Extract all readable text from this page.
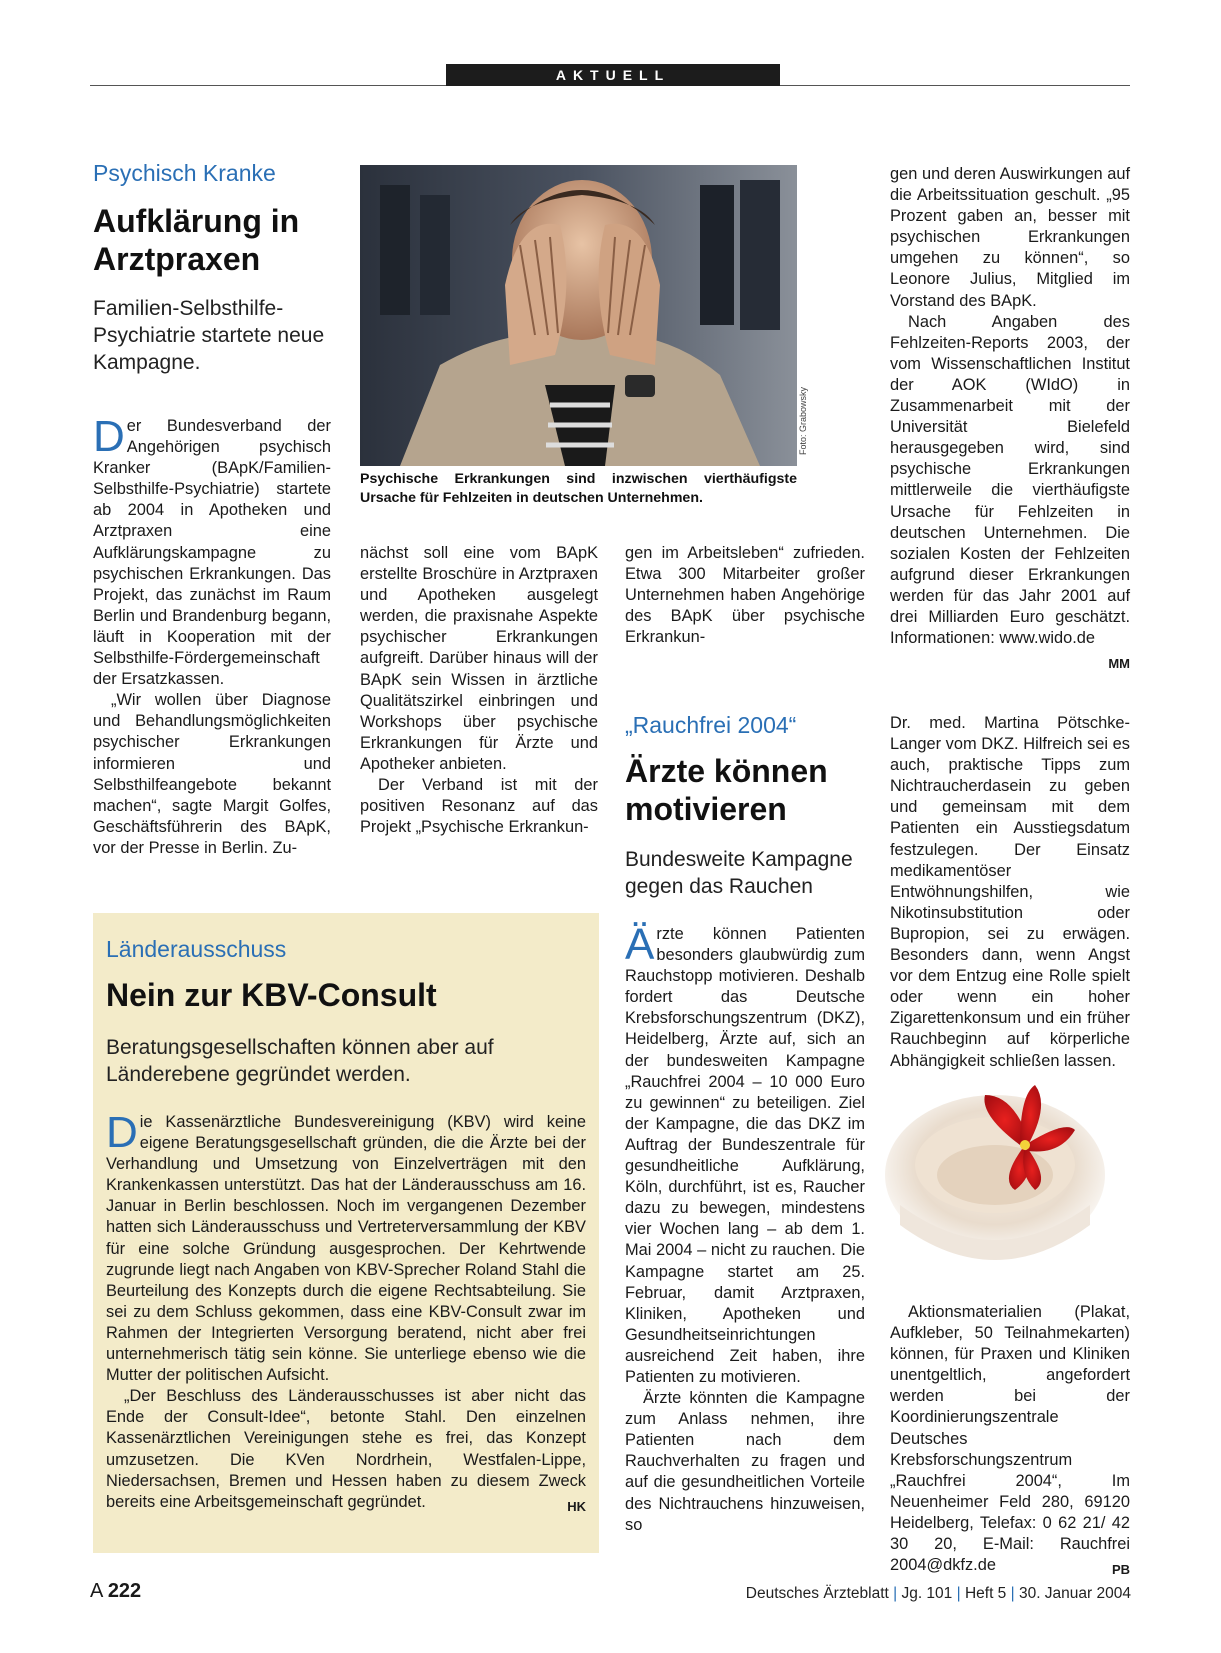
AKTUELL
Psychisch Kranke
Aufklärung in
Arztpraxen
Familien-Selbsthilfe-Psychiatrie startete neue Kampagne.

Der Bundesverband der Angehörigen psychisch Kranker (BApK/Familien-Selbsthilfe-Psychiatrie) startete ab 2004 in Apotheken und Arztpraxen eine Aufklärungskampagne zu psychischen Erkrankungen. Das Projekt, das zunächst im Raum Berlin und Brandenburg begann, läuft in Kooperation mit der Selbsthilfe-Fördergemeinschaft der Ersatzkassen.

„Wir wollen über Diagnose und Behandlungsmöglichkeiten psychischer Erkrankungen informieren und Selbsthilfeangebote bekannt machen“, sagte Margit Golfes, Geschäftsführerin des BApK, vor der Presse in Berlin. Zu-

Foto: Grabowsky
Psychische Erkrankungen sind inzwischen vierthäufigste Ursache für Fehlzeiten in deutschen Unternehmen.

nächst soll eine vom BApK erstellte Broschüre in Arztpraxen und Apotheken ausgelegt werden, die praxisnahe Aspekte psychischer Erkrankungen aufgreift. Darüber hinaus will der BApK sein Wissen in ärztliche Qualitätszirkel einbringen und Workshops über psychische Erkrankungen für Ärzte und Apotheker anbieten.

Der Verband ist mit der positiven Resonanz auf das Projekt „Psychische Erkrankun-

gen im Arbeitsleben“ zufrieden. Etwa 300 Mitarbeiter großer Unternehmen haben Angehörige des BApK über psychische Erkrankun-

gen und deren Auswirkungen auf die Arbeitssituation geschult. „95 Prozent gaben an, besser mit psychischen Erkrankungen umgehen zu können“, so Leonore Julius, Mitglied im Vorstand des BApK.

Nach Angaben des Fehlzeiten-Reports 2003, der vom Wissenschaftlichen Institut der AOK (WIdO) in Zusammenarbeit mit der Universität Bielefeld herausgegeben wird, sind psychische Erkrankungen mittlerweile die vierthäufigste Ursache für Fehlzeiten in deutschen Unternehmen. Die sozialen Kosten der Fehlzeiten aufgrund dieser Erkrankungen werden für das Jahr 2001 auf drei Milliarden Euro geschätzt. Informationen: www.wido.de
MM

Länderausschuss
Nein zur KBV-Consult
Beratungsgesellschaften können aber auf Länderebene gegründet werden.

Die Kassenärztliche Bundesvereinigung (KBV) wird keine eigene Beratungsgesellschaft gründen, die die Ärzte bei der Verhandlung und Umsetzung von Einzelverträgen mit den Krankenkassen unterstützt. Das hat der Länderausschuss am 16. Januar in Berlin beschlossen. Noch im vergangenen Dezember hatten sich Länderausschuss und Vertreterversammlung der KBV für eine solche Gründung ausgesprochen. Der Kehrtwende zugrunde liegt nach Angaben von KBV-Sprecher Roland Stahl die Beurteilung des Konzepts durch die eigene Rechtsabteilung. Sie sei zu dem Schluss gekommen, dass eine KBV-Consult zwar im Rahmen der Integrierten Versorgung beratend, nicht aber frei unternehmerisch tätig sein könne. Sie unterliege ebenso wie die Mutter der politischen Aufsicht.

„Der Beschluss des Länderausschusses ist aber nicht das Ende der Consult-Idee“, betonte Stahl. Den einzelnen Kassenärztlichen Vereinigungen stehe es frei, das Konzept umzusetzen. Die KVen Nordrhein, Westfalen-Lippe, Niedersachsen, Bremen und Hessen haben zu diesem Zweck bereits eine Arbeitsgemeinschaft gegründet.	HK

„Rauchfrei 2004“
Ärzte können
motivieren
Bundesweite Kampagne gegen das Rauchen

Ärzte können Patienten besonders glaubwürdig zum Rauchstopp motivieren. Deshalb fordert das Deutsche Krebsforschungszentrum (DKZ), Heidelberg, Ärzte auf, sich an der bundesweiten Kampagne „Rauchfrei 2004 – 10 000 Euro zu gewinnen“ zu beteiligen. Ziel der Kampagne, die das DKZ im Auftrag der Bundeszentrale für gesundheitliche Aufklärung, Köln, durchführt, ist es, Raucher dazu zu bewegen, mindestens vier Wochen lang – ab dem 1. Mai 2004 – nicht zu rauchen. Die Kampagne startet am 25. Februar, damit Arztpraxen, Kliniken, Apotheken und Gesundheitseinrichtungen ausreichend Zeit haben, ihre Patienten zu motivieren.

Ärzte könnten die Kampagne zum Anlass nehmen, ihre Patienten nach dem Rauchverhalten zu fragen und auf die gesundheitlichen Vorteile des Nichtrauchens hinzuweisen, so

Dr. med. Martina Pötschke-Langer vom DKZ. Hilfreich sei es auch, praktische Tipps zum Nichtraucherdasein zu geben und gemeinsam mit dem Patienten ein Ausstiegsdatum festzulegen. Der Einsatz medikamentöser Entwöhnungshilfen, wie Nikotinsubstitution oder Bupropion, sei zu erwägen. Besonders dann, wenn Angst vor dem Entzug eine Rolle spielt oder wenn ein hoher Zigarettenkonsum und ein früher Rauchbeginn auf körperliche Abhängigkeit schließen lassen.

Aktionsmaterialien (Plakat, Aufkleber, 50 Teilnahmekarten) können, für Praxen und Kliniken unentgeltlich, angefordert werden bei der Koordinierungszentrale Deutsches Krebsforschungszentrum „Rauchfrei 2004“, Im Neuenheimer Feld 280, 69120 Heidelberg, Telefax: 0 62 21/ 42 30 20, E-Mail: Rauchfrei 2004@dkfz.de	PB

A 222	Deutsches Ärzteblatt | Jg. 101 | Heft 5 | 30. Januar 2004
